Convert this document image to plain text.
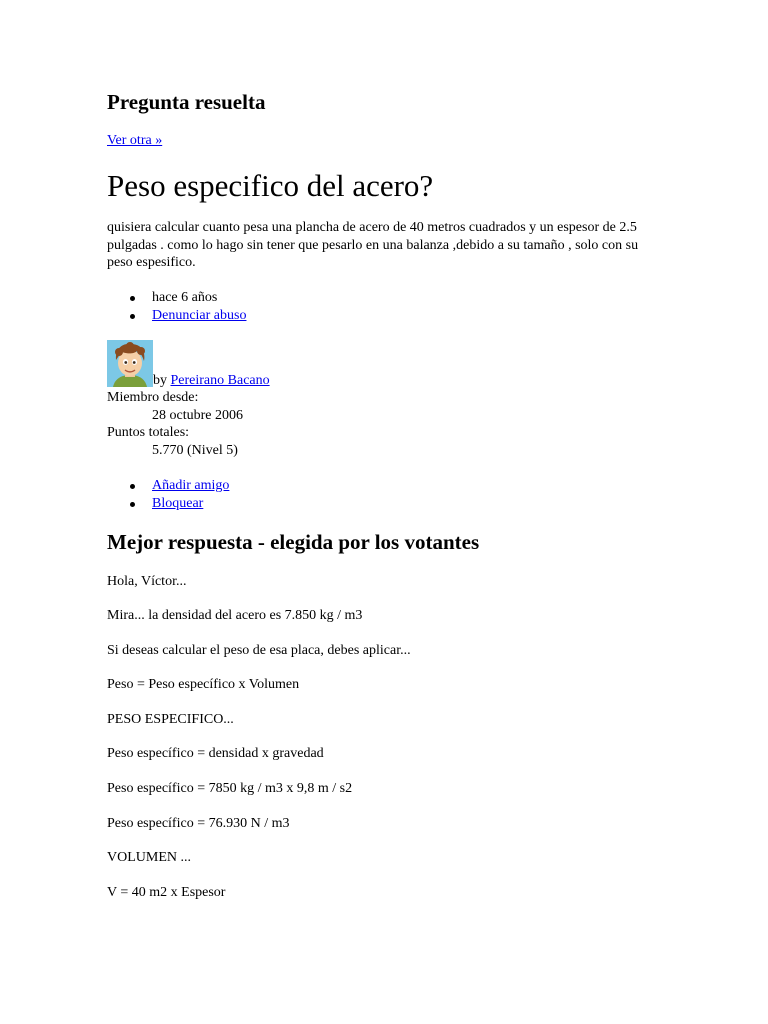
Pregunta resuelta
Ver otra »
Peso especifico del acero?

quisiera calcular cuanto pesa una plancha de acero de 40 metros cuadrados y un espesor de 2.5 pulgadas . como lo hago sin tener que pesarlo en una balanza ,debido a su tamaño , solo con su peso espesifico.

hace 6 años
Denunciar abuso
by Pereirano Bacano
Miembro desde:
28 octubre 2006
Puntos totales:
5.770 (Nivel 5)
Añadir amigo
Bloquear
Mejor respuesta - elegida por los votantes

Hola, Víctor...

Mira... la densidad del acero es 7.850 kg / m3

Si deseas calcular el peso de esa placa, debes aplicar...

Peso = Peso específico x Volumen

PESO ESPECIFICO...

Peso específico = densidad x gravedad

Peso específico = 7850 kg / m3 x 9,8 m / s2

Peso específico = 76.930 N / m3

VOLUMEN ...

V = 40 m2 x Espesor
